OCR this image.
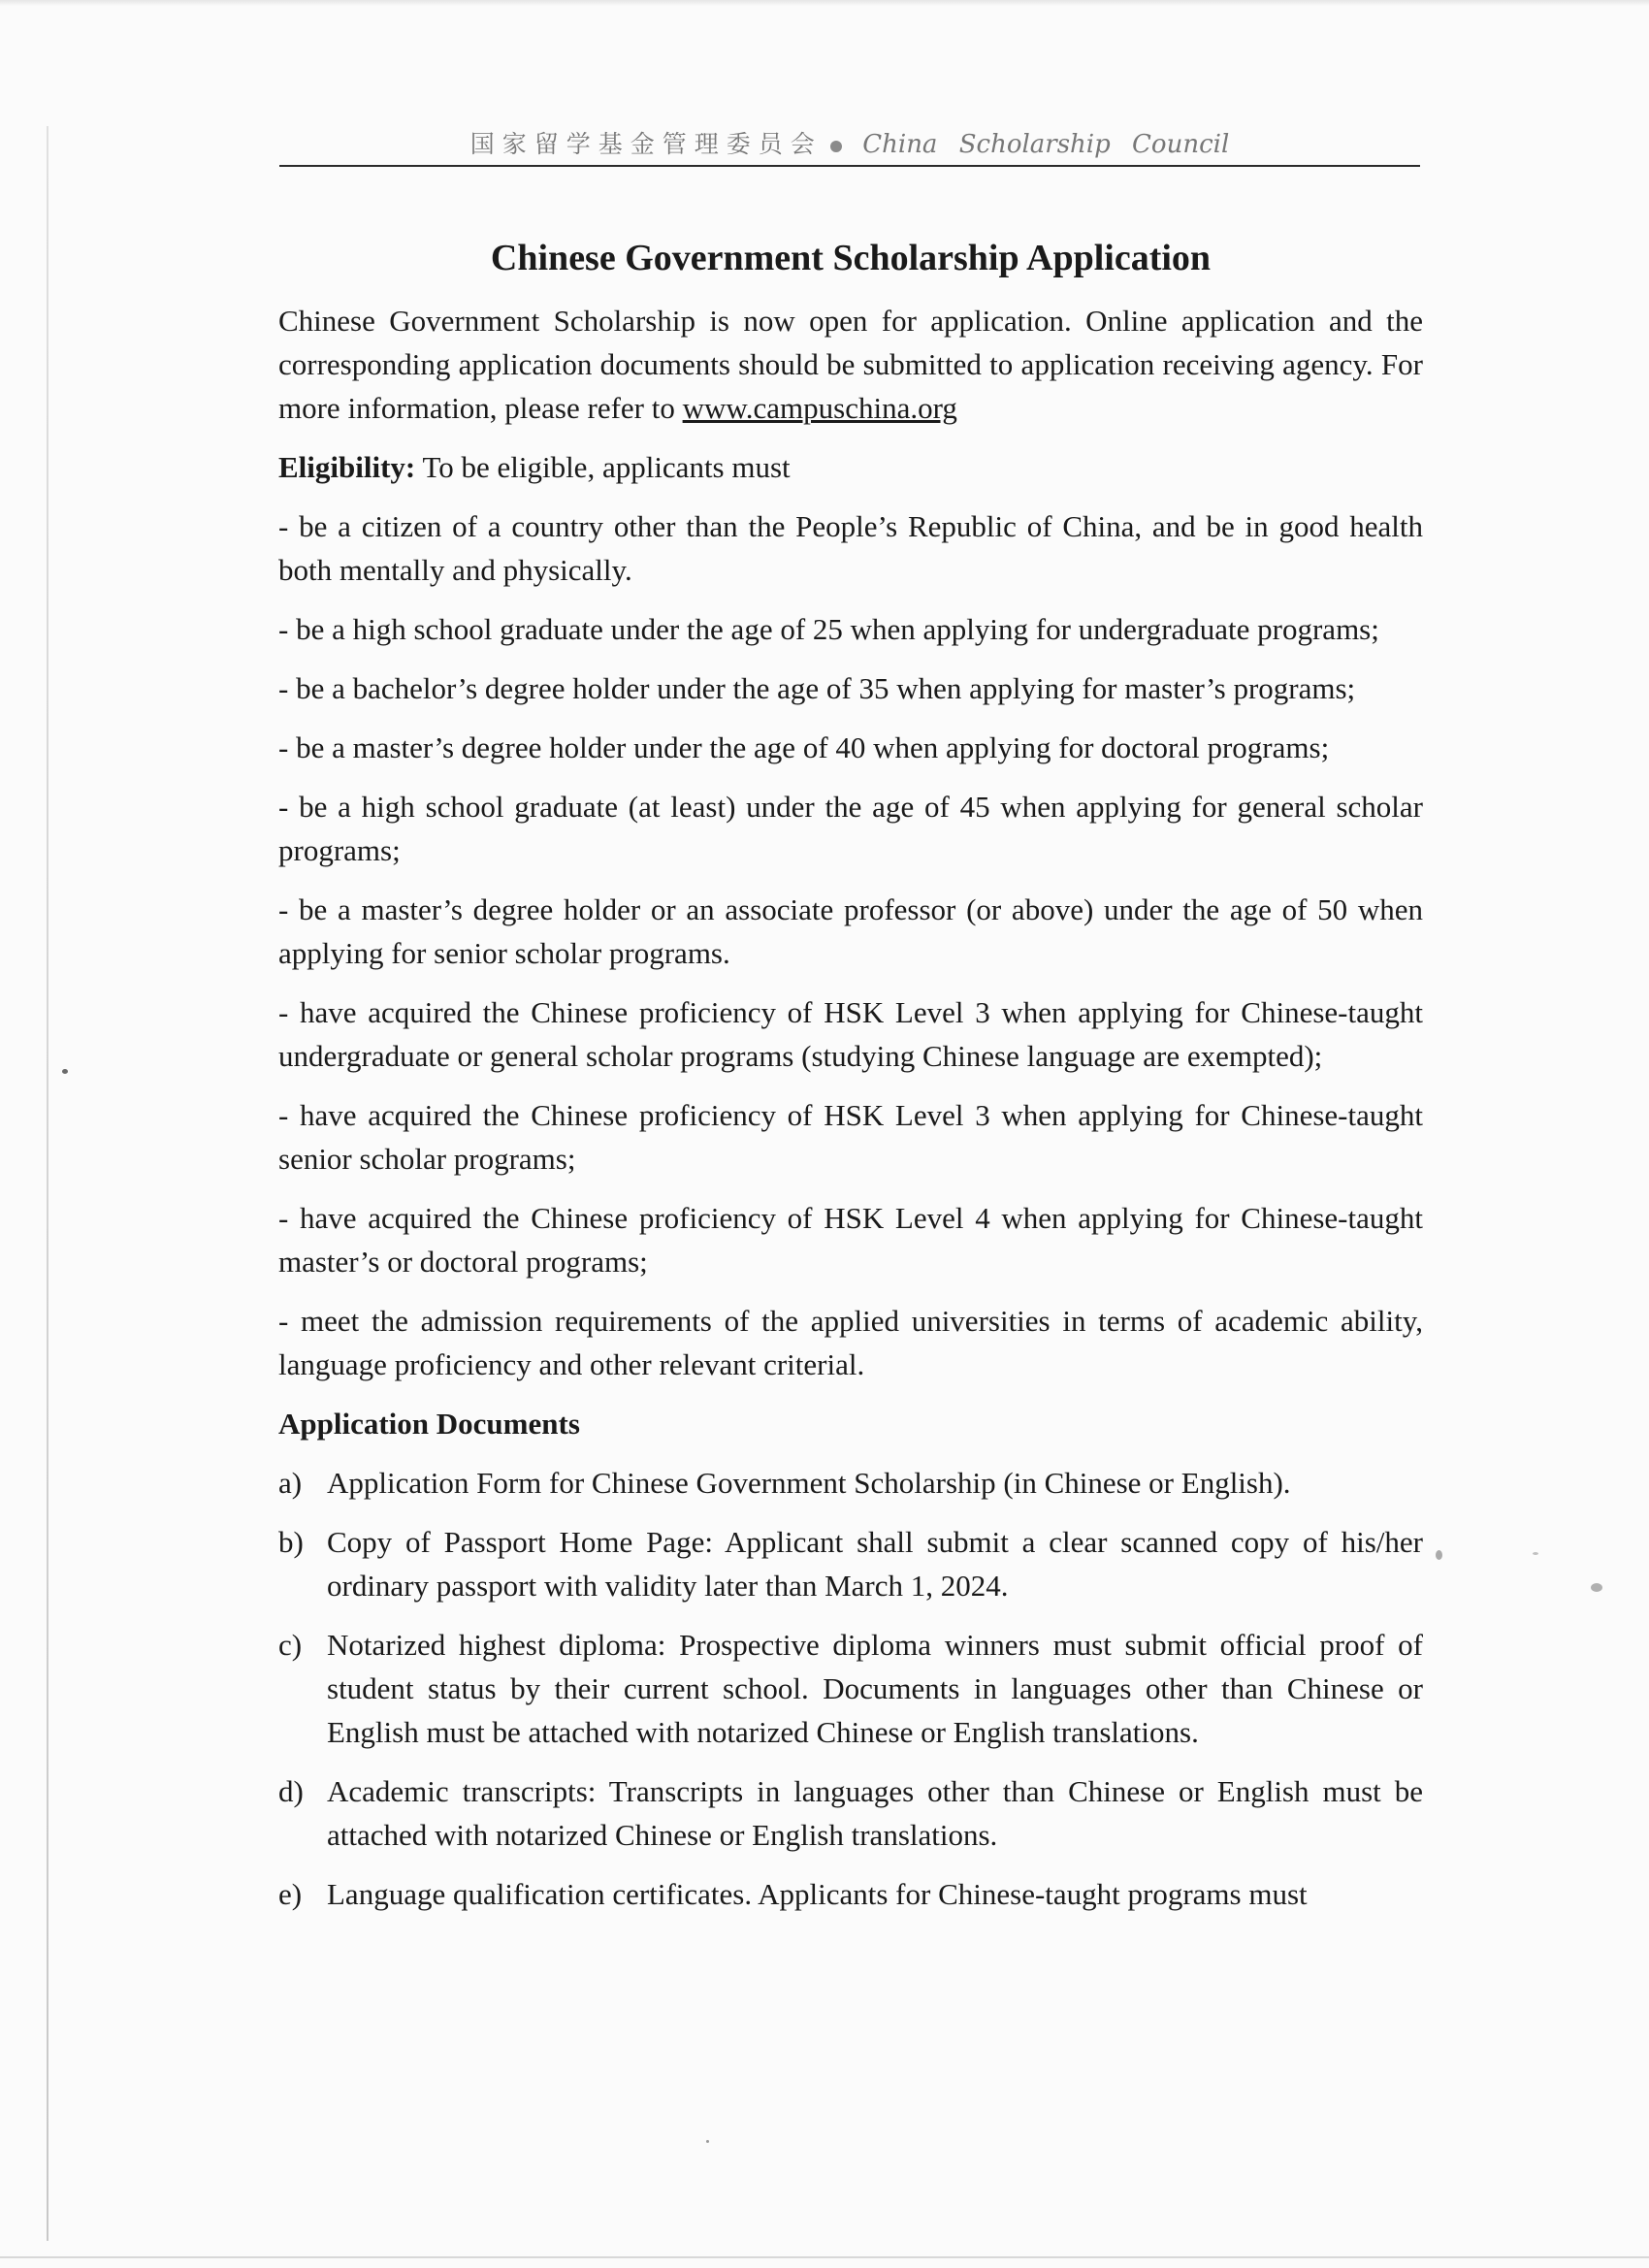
国家留学基金管理委员会 China Scholarship Council
Chinese Government Scholarship Application

Chinese Government Scholarship is now open for application. Online application and the corresponding application documents should be submitted to application receiving agency. For more information, please refer to www.campuschina.org

Eligibility: To be eligible, applicants must

- be a citizen of a country other than the People’s Republic of China, and be in good health both mentally and physically.

- be a high school graduate under the age of 25 when applying for undergraduate programs;

- be a bachelor’s degree holder under the age of 35 when applying for master’s programs;

- be a master’s degree holder under the age of 40 when applying for doctoral programs;

- be a high school graduate (at least) under the age of 45 when applying for general scholar programs;

- be a master’s degree holder or an associate professor (or above) under the age of 50 when applying for senior scholar programs.

- have acquired the Chinese proficiency of HSK Level 3 when applying for Chinese-taught undergraduate or general scholar programs (studying Chinese language are exempted);

- have acquired the Chinese proficiency of HSK Level 3 when applying for Chinese-taught senior scholar programs;

- have acquired the Chinese proficiency of HSK Level 4 when applying for Chinese-taught master’s or doctoral programs;

- meet the admission requirements of the applied universities in terms of academic ability, language proficiency and other relevant criterial.

Application Documents
a) Application Form for Chinese Government Scholarship (in Chinese or English).
b) Copy of Passport Home Page: Applicant shall submit a clear scanned copy of his/her ordinary passport with validity later than March 1, 2024.
c) Notarized highest diploma: Prospective diploma winners must submit official proof of student status by their current school. Documents in languages other than Chinese or English must be attached with notarized Chinese or English translations.
d) Academic transcripts: Transcripts in languages other than Chinese or English must be attached with notarized Chinese or English translations.
e) Language qualification certificates. Applicants for Chinese-taught programs must
